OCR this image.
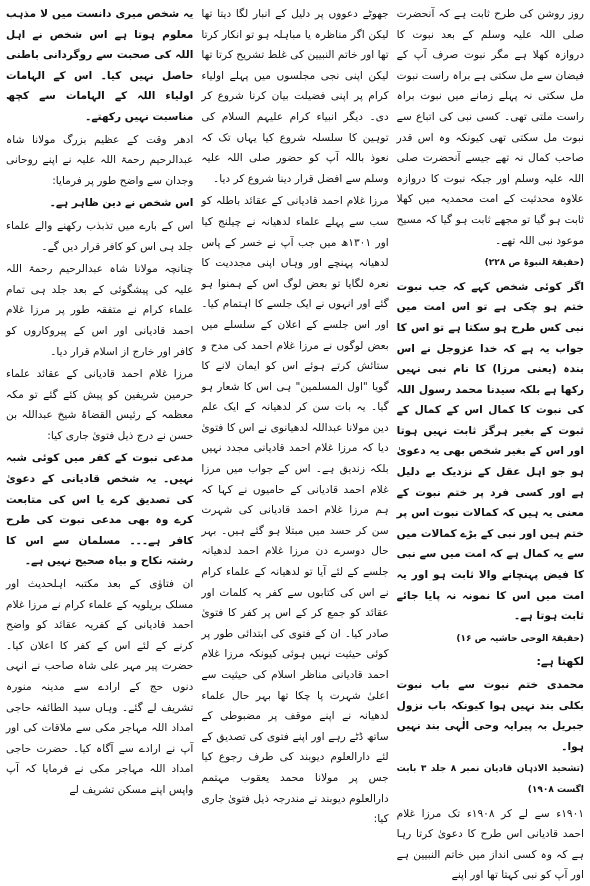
روز روشن کی طرح ثابت ہے کہ آنحضرت صلی اللہ علیہ وسلم کے بعد نبوت کا دروازہ کھلا ہے مگر نبوت صرف آپ کے فیضان سے مل سکتی ہے براہ راست نبوت مل سکتی نہ پہلے زمانے میں نبوت براہ راست ملتی تھی۔ کسی نبی کی اتباع سے نبوت مل سکتی تھی کیونکہ وہ اس قدر صاحب کمال نہ تھے جیسے آنحضرت صلی اللہ علیہ وسلم اور جبکہ نبوت کا دروازہ علاوہ محدثیت کے امت محمدیہ میں کھلا ثابت ہو گیا تو مجھے ثابت ہو گیا کہ مسیح موعود نبی اللہ تھے۔

(حقیقۃ النبوۃ ص ۲۲۸)

اگر کوئی شخص کہے کہ جب نبوت ختم ہو چکی ہے تو اس امت میں نبی کس طرح ہو سکتا ہے تو اس کا جواب یہ ہے کہ خدا عزوجل نے اس بندہ (یعنی مرزا) کا نام نبی نہیں رکھا ہے بلکہ سیدنا محمد رسول اللہ کی نبوت کا کمال اس کے کمال کے ثبوت کے بغیر ہرگز ثابت نہیں ہوتا اور اس کے بغیر شخص بھی یہ دعویٰ ہو جو اہل عقل کے نزدیک بے دلیل ہے اور کسی فرد پر ختم نبوت کے معنی یہ ہیں کہ کمالات نبوت اس پر ختم ہیں اور نبی کے بڑے کمالات میں سے یہ کمال ہے کہ امت میں سے نبی کا فیض پہنچانے والا ثابت ہو اور یہ امت میں اس کا نمونہ نہ پایا جائے ثابت ہوتا ہے۔

(حقیقۃ الوحی حاشیہ ص ۱۶)

لکھتا ہے:

محمدی ختم نبوت سے باب نبوت بکلی بند نہیں ہوا کیونکہ باب نزول جبریل بہ پیرایہ وحی الٰہی بند نہیں ہوا۔

(تشحیذ الاذہان قادیان نمبر ۸ جلد ۳ بابت اگست ۱۹۰۸)

۱۹۰۱ء سے لے کر ۱۹۰۸ء تک مرزا غلام احمد قادیانی اس طرح کا دعویٰ کرتا رہا ہے کہ وہ کسی انداز میں خاتم النبیین ہے اور آپ کو نبی کہتا تھا اور اپنے

جھوٹے دعووں پر دلیل کے انبار لگا دیتا تھا لیکن اگر مناظرہ یا مباہلہ ہو تو انکار کرتا تھا اور خاتم النبیین کی غلط تشریح کرتا تھا لیکن اپنی نجی مجلسوں میں پہلے اولیاء کرام پر اپنی فضیلت بیان کرنا شروع کر دی۔ دیگر انبیاء کرام علیہم السلام کی توہین کا سلسلہ شروع کیا یہاں تک کہ نعوذ باللہ آپ کو حضور صلی اللہ علیہ وسلم سے افضل قرار دینا شروع کر دیا۔

مرزا غلام احمد قادیانی کے عقائد باطلہ کو سب سے پہلے علماء لدھیانہ نے چیلنج کیا اور ۱۳۰۱ھ میں جب آپ نے خسر کے پاس لدھیانہ پہنچے اور وہاں اپنی مجددیت کا نعرہ لگایا تو بعض لوگ اس کے ہمنوا ہو گئے اور انہوں نے ایک جلسے کا اہتمام کیا۔ اور اس جلسے کے اعلان کے سلسلے میں بعض لوگوں نے مرزا غلام احمد کی مدح و ستائش کرتے ہوئے اس کو ایمان لانے کا گویا "اول المسلمین" ہی اس کا شعار ہو گیا۔ یہ بات سن کر لدھیانہ کے ایک علم دین مولانا عبداللہ لدھیانوی نے اس کا فتویٰ دیا کہ مرزا غلام احمد قادیانی مجدد نہیں بلکہ زندیق ہے۔ اس کے جواب میں مرزا غلام احمد قادیانی کے حامیوں نے کہا کہ ہم مرزا غلام احمد قادیانی کی شہرت سن کر حسد میں مبتلا ہو گئے ہیں۔ بہر حال دوسرے دن مرزا غلام احمد لدھیانہ جلسے کے لئے آیا تو لدھیانہ کے علماء کرام نے اس کی کتابوں سے کفر یہ کلمات اور عقائد کو جمع کر کے اس پر کفر کا فتویٰ صادر کیا۔ ان کے فتوی کی ابتدائی طور پر کوئی حیثیت نہیں ہوئی کیونکہ مرزا غلام احمد قادیانی مناظر اسلام کی حیثیت سے اعلیٰ شہرت پا چکا تھا بہر حال علماء لدھیانہ نے اپنے موقف پر مضبوطی کے ساتھ ڈٹے رہے اور اپنے فتوی کی تصدیق کے لئے دارالعلوم دیوبند کی طرف رجوع کیا جس پر مولانا محمد یعقوب مہتمم دارالعلوم دیوبند نے مندرجہ ذیل فتویٰ جاری کیا:

یہ شخص میری دانست میں لا مذہب معلوم ہوتا ہے اس شخص نے اہل اللہ کی صحبت سے روگردانی باطنی حاصل نہیں کیا۔ اس کے الہامات اولیاء اللہ کے الہامات سے کچھ مناسبت نہیں رکھتے۔

ادھر وقت کے عظیم بزرگ مولانا شاہ عبدالرحیم رحمۃ اللہ علیہ نے اپنے روحانی وجدان سے واضح طور پر فرمایا:

اس شخص نے دین ظاہر ہے۔

اس کے بارے میں تذبذب رکھنے والے علماء جلد ہی اس کو کافر قرار دیں گے۔

چنانچہ مولانا شاہ عبدالرحیم رحمۃ اللہ علیہ کی پیشگوئی کے بعد جلد ہی تمام علماء کرام نے متفقہ طور پر مرزا غلام احمد قادیانی اور اس کے پیروکاروں کو کافر اور خارج از اسلام قرار دیا۔

مرزا غلام احمد قادیانی کے عقائد علماء حرمین شریفین کو پیش کئے گئے تو مکہ معظمہ کے رئیس القضاۃ شیخ عبداللہ بن حسن نے درج ذیل فتویٰ جاری کیا:

مدعی نبوت کے کفر میں کوئی شبہ نہیں۔ یہ شخص قادیانی کے دعویٰ کی تصدیق کرے یا اس کی متابعت کرے وہ بھی مدعی نبوت کی طرح کافر ہے۔۔۔ مسلمان سے اس کا رشتہ نکاح و بیاہ صحیح نہیں ہے۔

ان فتاوٰی کے بعد مکتبہ اہلحدیث اور مسلک بریلویہ کے علماء کرام نے مرزا غلام احمد قادیانی کے کفریہ عقائد کو واضح کرنے کے لئے اس کے کفر کا اعلان کیا۔ حضرت پیر مہر علی شاہ صاحب نے انہی دنوں حج کے ارادے سے مدینہ منورہ تشریف لے گئے۔ وہاں سید الطائفہ حاجی امداد اللہ مہاجر مکی سے ملاقات کی اور آپ نے ارادے سے آگاہ کیا۔ حضرت حاجی امداد اللہ مہاجر مکی نے فرمایا کہ آپ واپس اپنے مسکن تشریف لے
